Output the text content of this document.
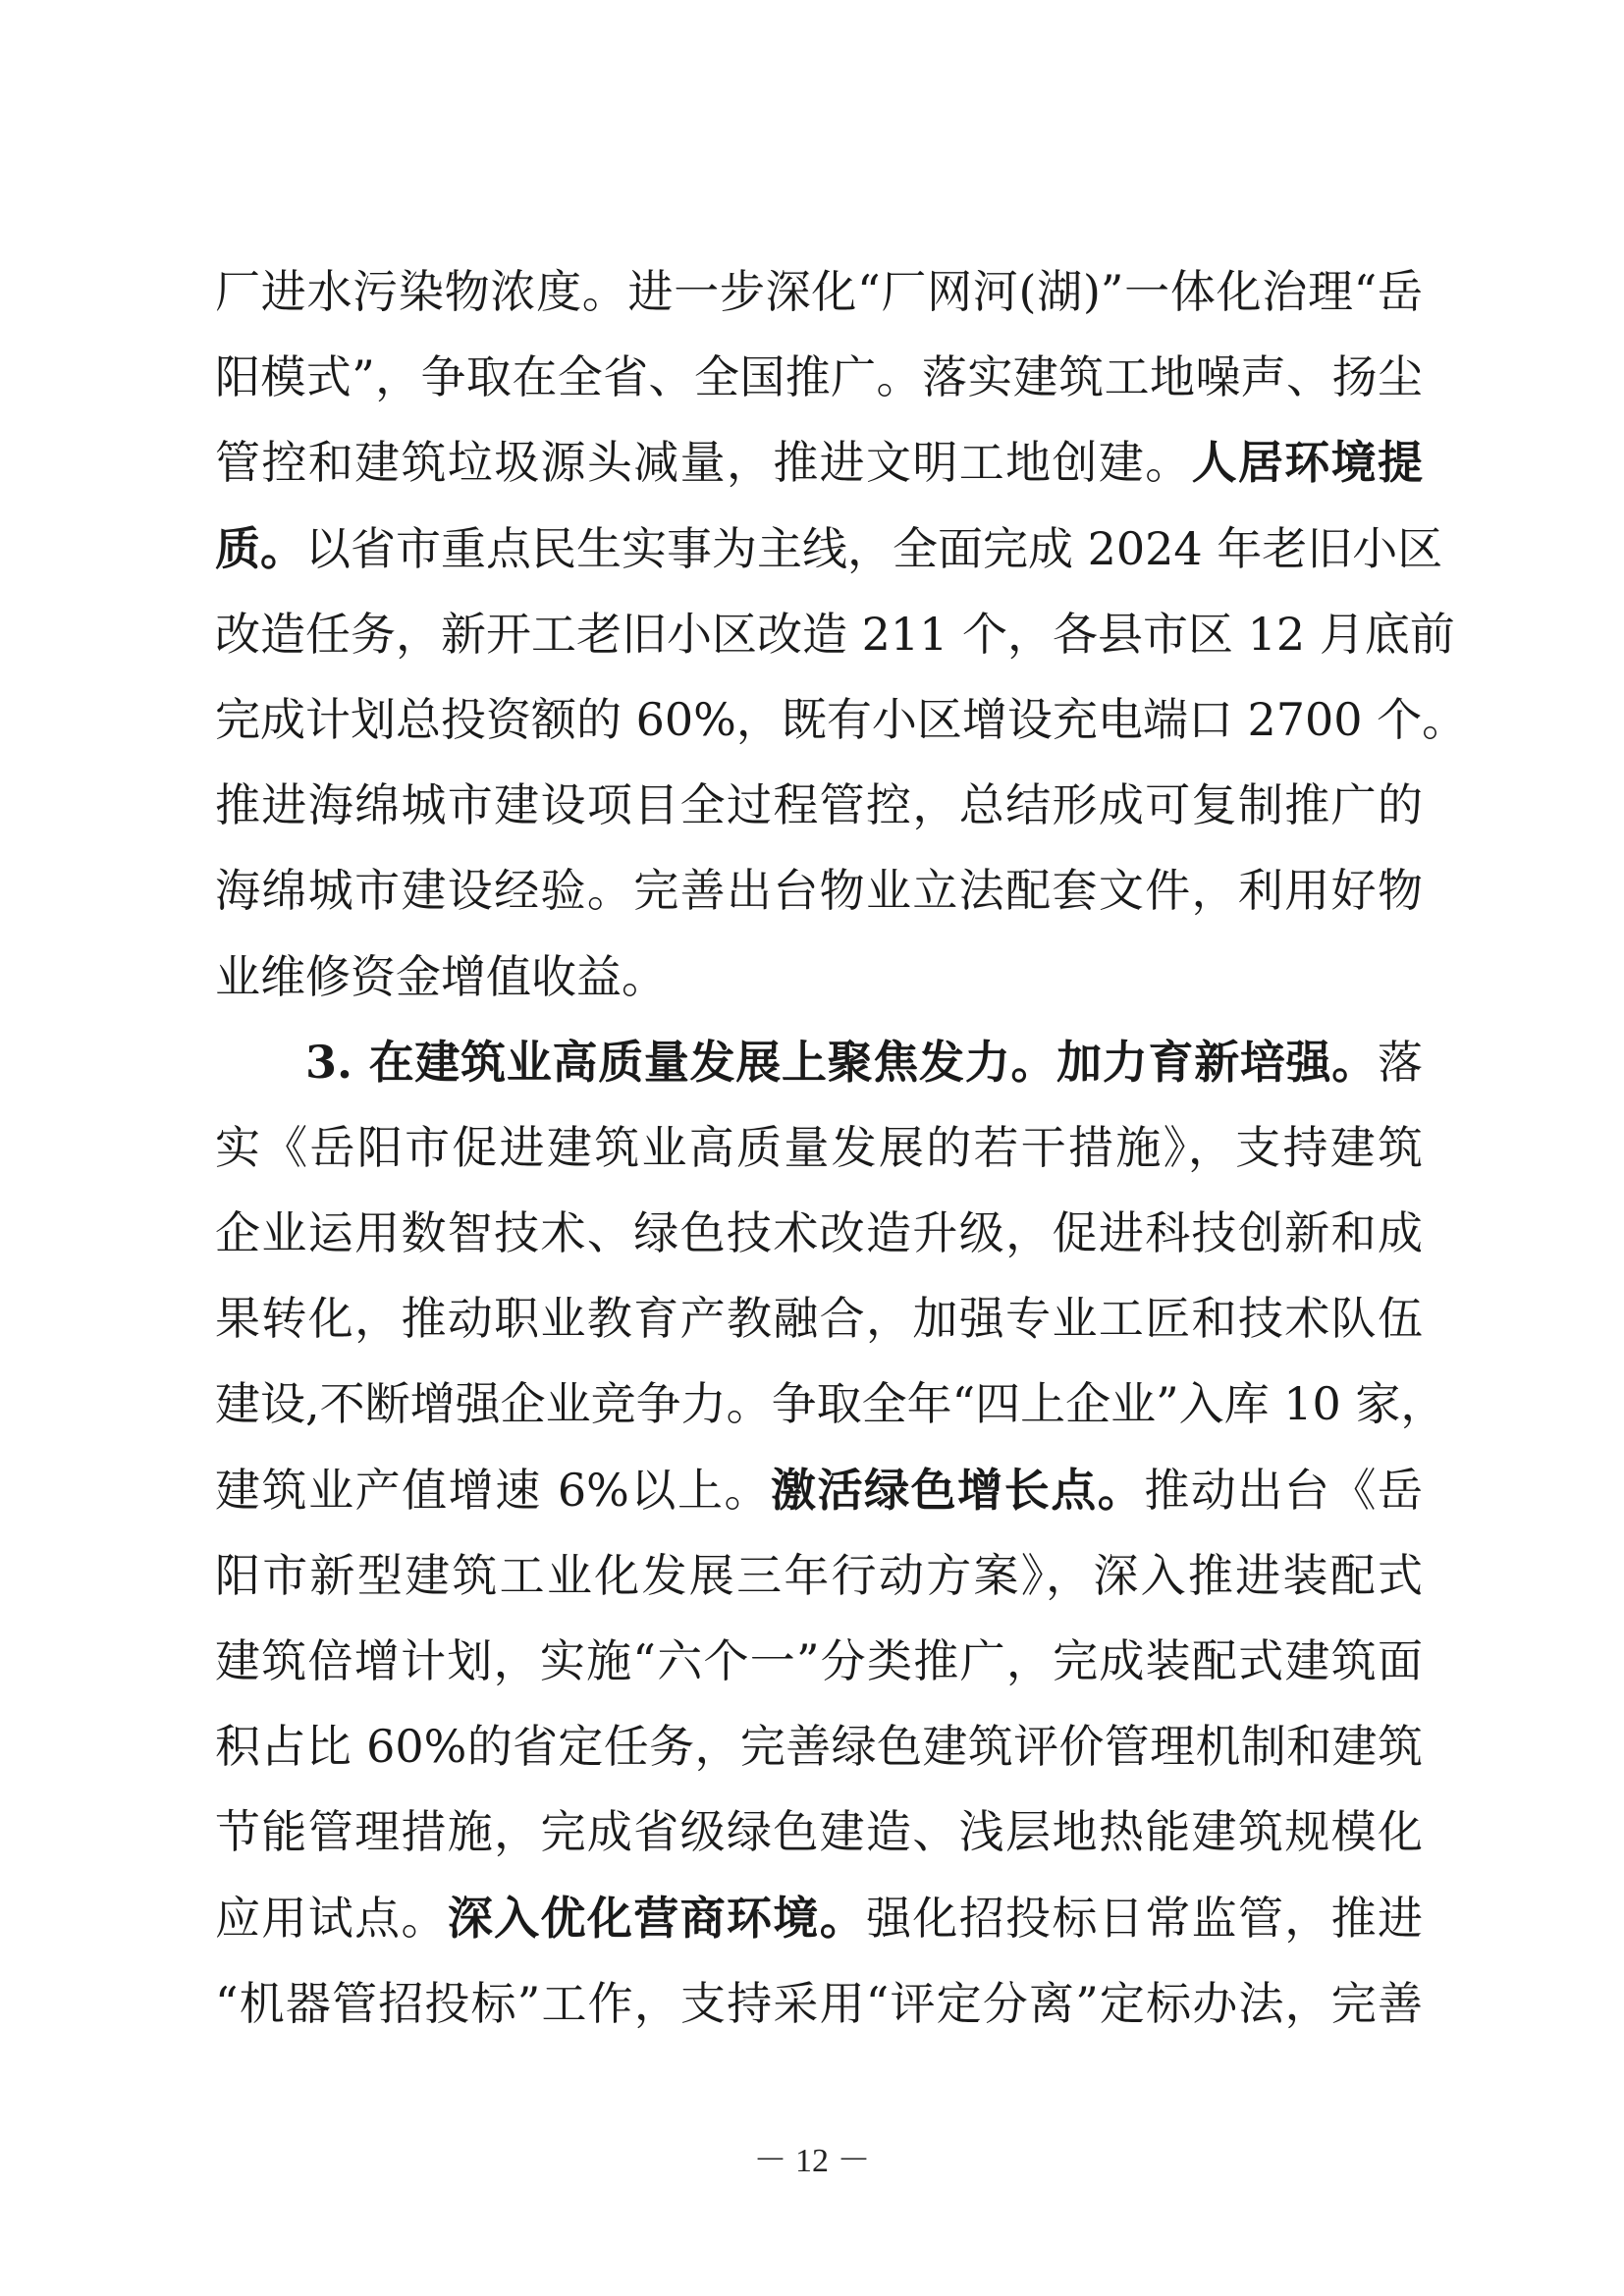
厂进水污染物浓度。进一步深化“厂网河(湖)”一体化治理“岳
阳模式”，争取在全省、全国推广。落实建筑工地噪声、扬尘
管控和建筑垃圾源头减量，推进文明工地创建。人居环境提
质。以省市重点民生实事为主线，全面完成 2024 年老旧小区
改造任务，新开工老旧小区改造 211 个，各县市区 12 月底前
完成计划总投资额的 60%，既有小区增设充电端口 2700 个。
推进海绵城市建设项目全过程管控，总结形成可复制推广的
海绵城市建设经验。完善出台物业立法配套文件，利用好物
业维修资金增值收益。
3. 在建筑业高质量发展上聚焦发力。加力育新培强。落
实《岳阳市促进建筑业高质量发展的若干措施》，支持建筑
企业运用数智技术、绿色技术改造升级，促进科技创新和成
果转化，推动职业教育产教融合，加强专业工匠和技术队伍
建设,不断增强企业竞争力。争取全年“四上企业”入库 10 家，
建筑业产值增速 6%以上。激活绿色增长点。推动出台《岳
阳市新型建筑工业化发展三年行动方案》，深入推进装配式
建筑倍增计划，实施“六个一”分类推广，完成装配式建筑面
积占比 60%的省定任务，完善绿色建筑评价管理机制和建筑
节能管理措施，完成省级绿色建造、浅层地热能建筑规模化
应用试点。深入优化营商环境。强化招投标日常监管，推进
“机器管招投标”工作，支持采用“评定分离”定标办法，完善
－ 12 －
